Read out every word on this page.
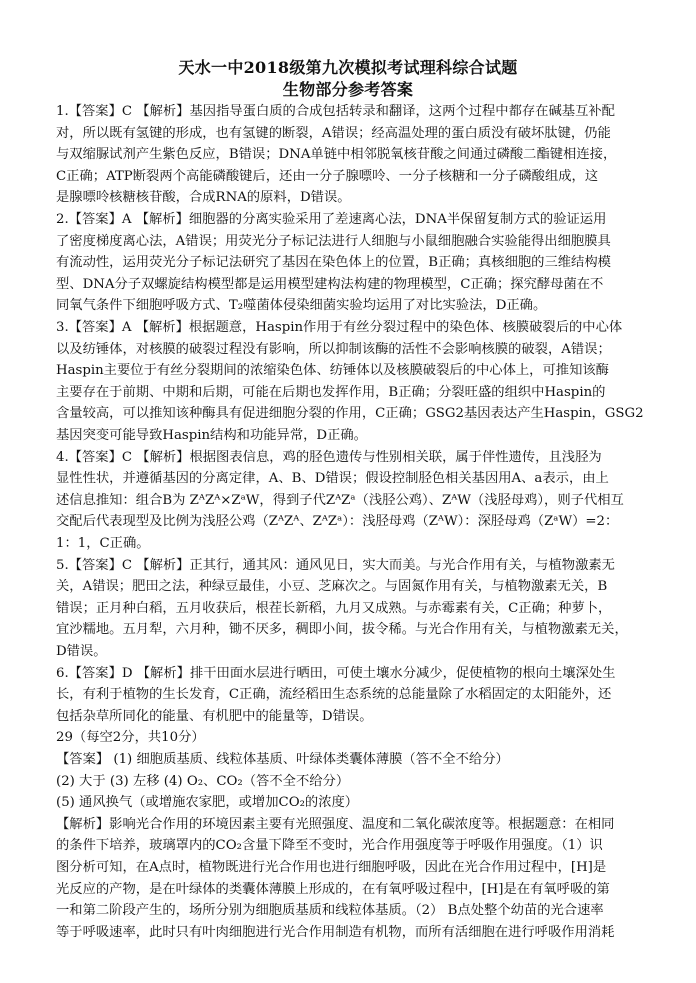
天水一中2018级第九次模拟考试理科综合试题
生物部分参考答案
1.【答案】C 【解析】基因指导蛋白质的合成包括转录和翻译，这两个过程中都存在碱基互补配
对，所以既有氢键的形成，也有氢键的断裂，A错误；经高温处理的蛋白质没有破坏肽键，仍能
与双缩脲试剂产生紫色反应，B错误；DNA单链中相邻脱氧核苷酸之间通过磷酸二酯键相连接，
C正确；ATP断裂两个高能磷酸键后，还由一分子腺嘌呤、一分子核糖和一分子磷酸组成，这
是腺嘌呤核糖核苷酸，合成RNA的原料，D错误。
2.【答案】A 【解析】细胞器的分离实验采用了差速离心法，DNA半保留复制方式的验证运用
了密度梯度离心法，A错误；用荧光分子标记法进行人细胞与小鼠细胞融合实验能得出细胞膜具
有流动性，运用荧光分子标记法研究了基因在染色体上的位置，B正确；真核细胞的三维结构模
型、DNA分子双螺旋结构模型都是运用模型建构法构建的物理模型，C正确；探究酵母菌在不
同氧气条件下细胞呼吸方式、T₂噬菌体侵染细菌实验均运用了对比实验法，D正确。
3.【答案】A 【解析】根据题意，Haspin作用于有丝分裂过程中的染色体、核膜破裂后的中心体
以及纺锤体，对核膜的破裂过程没有影响，所以抑制该酶的活性不会影响核膜的破裂，A错误；
Haspin主要位于有丝分裂期间的浓缩染色体、纺锤体以及核膜破裂后的中心体上，可推知该酶
主要存在于前期、中期和后期，可能在后期也发挥作用，B正确；分裂旺盛的组织中Haspin的
含量较高，可以推知该种酶具有促进细胞分裂的作用，C正确；GSG2基因表达产生Haspin，GSG2
基因突变可能导致Haspin结构和功能异常，D正确。
4.【答案】C 【解析】根据图表信息，鸡的胫色遗传与性别相关联，属于伴性遗传，且浅胫为
显性性状，并遵循基因的分离定律，A、B、D错误；假设控制胫色相关基因用A、a表示，由上
述信息推知：组合B为 ZᴬZᴬ×ZᵃW，得到子代ZᴬZᵃ（浅胫公鸡）、ZᴬW（浅胫母鸡），则子代相互
交配后代表现型及比例为浅胫公鸡（ZᴬZᴬ、ZᴬZᵃ）：浅胫母鸡（ZᴬW）：深胫母鸡（ZᵃW）=2：
1：1，C正确。
5.【答案】C 【解析】正其行，通其风：通风见日，实大而美。与光合作用有关，与植物激素无
关，A错误；肥田之法，种绿豆最佳，小豆、芝麻次之。与固氮作用有关，与植物激素无关，B
错误；正月种白稻，五月收获后，根茬长新稻，九月又成熟。与赤霉素有关，C正确；种萝卜，
宜沙糯地。五月犁，六月种，锄不厌多，稠即小间，拔令稀。与光合作用有关，与植物激素无关，
D错误。
6.【答案】D 【解析】排干田面水层进行晒田，可使土壤水分减少，促使植物的根向土壤深处生
长，有利于植物的生长发育，C正确，流经稻田生态系统的总能量除了水稻固定的太阳能外，还
包括杂草所同化的能量、有机肥中的能量等，D错误。
29（每空2分，共10分）
【答案】 (1) 细胞质基质、线粒体基质、叶绿体类囊体薄膜（答不全不给分）
(2) 大于 (3) 左移 (4) O₂、CO₂（答不全不给分）
(5) 通风换气（或增施农家肥，或增加CO₂的浓度）
【解析】影响光合作用的环境因素主要有光照强度、温度和二氧化碳浓度等。根据题意：在相同
的条件下培养，玻璃罩内的CO₂含量下降至不变时，光合作用强度等于呼吸作用强度。（1）识
图分析可知，在A点时，植物既进行光合作用也进行细胞呼吸，因此在光合作用过程中，[H]是
光反应的产物，是在叶绿体的类囊体薄膜上形成的，在有氧呼吸过程中，[H]是在有氧呼吸的第
一和第二阶段产生的，场所分别为细胞质基质和线粒体基质。（2） B点处整个幼苗的光合速率
等于呼吸速率，此时只有叶肉细胞进行光合作用制造有机物，而所有活细胞在进行呼吸作用消耗
